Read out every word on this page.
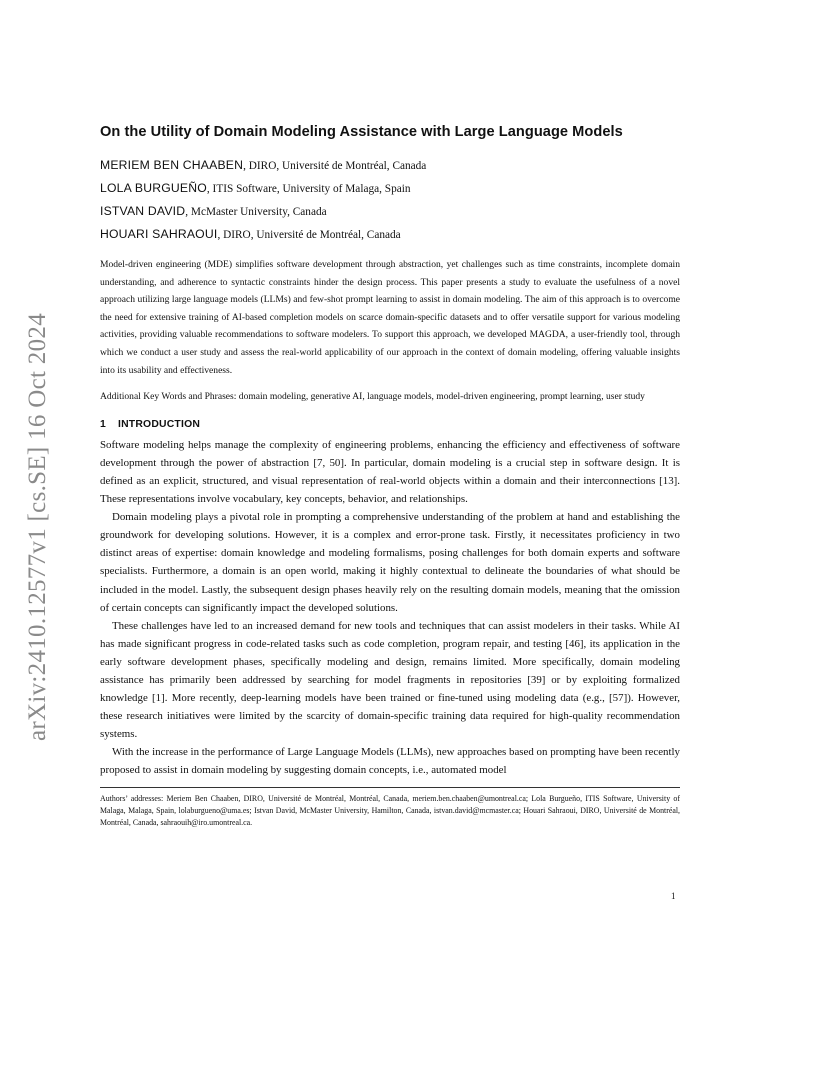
arXiv:2410.12577v1 [cs.SE] 16 Oct 2024
On the Utility of Domain Modeling Assistance with Large Language Models
MERIEM BEN CHAABEN, DIRO, Université de Montréal, Canada
LOLA BURGUEÑO, ITIS Software, University of Malaga, Spain
ISTVAN DAVID, McMaster University, Canada
HOUARI SAHRAOUI, DIRO, Université de Montréal, Canada

Model-driven engineering (MDE) simplifies software development through abstraction, yet challenges such as time constraints, incomplete domain understanding, and adherence to syntactic constraints hinder the design process. This paper presents a study to evaluate the usefulness of a novel approach utilizing large language models (LLMs) and few-shot prompt learning to assist in domain modeling. The aim of this approach is to overcome the need for extensive training of AI-based completion models on scarce domain-specific datasets and to offer versatile support for various modeling activities, providing valuable recommendations to software modelers. To support this approach, we developed MAGDA, a user-friendly tool, through which we conduct a user study and assess the real-world applicability of our approach in the context of domain modeling, offering valuable insights into its usability and effectiveness.

Additional Key Words and Phrases: domain modeling, generative AI, language models, model-driven engineering, prompt learning, user study

1 INTRODUCTION

Software modeling helps manage the complexity of engineering problems, enhancing the efficiency and effectiveness of software development through the power of abstraction [7, 50]. In particular, domain modeling is a crucial step in software design. It is defined as an explicit, structured, and visual representation of real-world objects within a domain and their interconnections [13]. These representations involve vocabulary, key concepts, behavior, and relationships.

Domain modeling plays a pivotal role in prompting a comprehensive understanding of the problem at hand and establishing the groundwork for developing solutions. However, it is a complex and error-prone task. Firstly, it necessitates proficiency in two distinct areas of expertise: domain knowledge and modeling formalisms, posing challenges for both domain experts and software specialists. Furthermore, a domain is an open world, making it highly contextual to delineate the boundaries of what should be included in the model. Lastly, the subsequent design phases heavily rely on the resulting domain models, meaning that the omission of certain concepts can significantly impact the developed solutions.

These challenges have led to an increased demand for new tools and techniques that can assist modelers in their tasks. While AI has made significant progress in code-related tasks such as code completion, program repair, and testing [46], its application in the early software development phases, specifically modeling and design, remains limited. More specifically, domain modeling assistance has primarily been addressed by searching for model fragments in repositories [39] or by exploiting formalized knowledge [1]. More recently, deep-learning models have been trained or fine-tuned using modeling data (e.g., [57]). However, these research initiatives were limited by the scarcity of domain-specific training data required for high-quality recommendation systems.

With the increase in the performance of Large Language Models (LLMs), new approaches based on prompting have been recently proposed to assist in domain modeling by suggesting domain concepts, i.e., automated model

Authors’ addresses: Meriem Ben Chaaben, DIRO, Université de Montréal, Montréal, Canada, meriem.ben.chaaben@umontreal.ca; Lola Burgueño, ITIS Software, University of Malaga, Malaga, Spain, lolaburgueno@uma.es; Istvan David, McMaster University, Hamilton, Canada, istvan.david@mcmaster.ca; Houari Sahraoui, DIRO, Université de Montréal, Montréal, Canada, sahraouih@iro.umontreal.ca.

1
